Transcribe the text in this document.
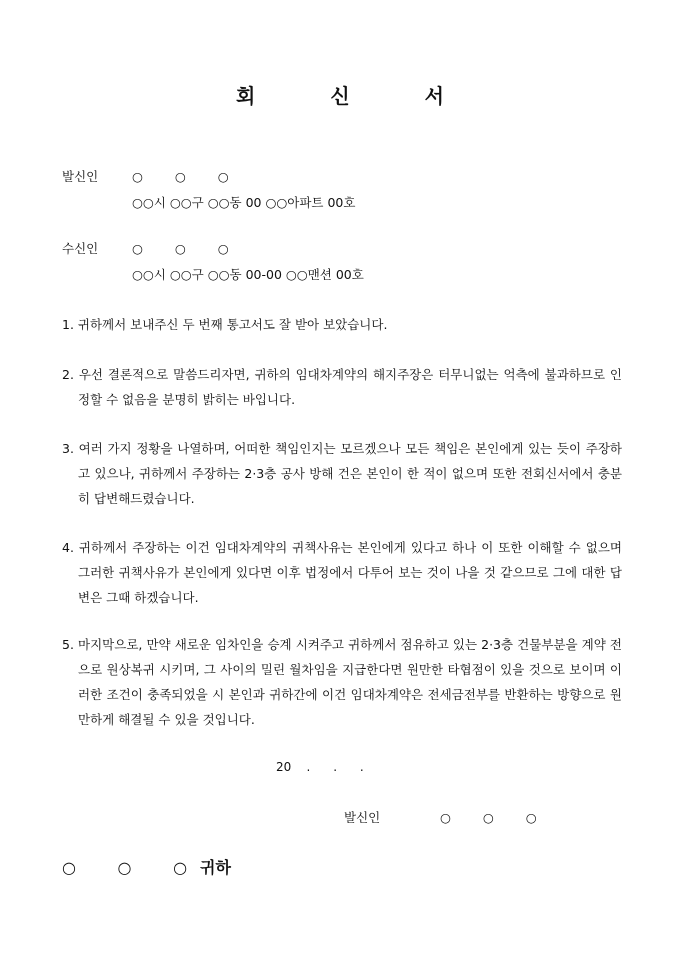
회 신 서
발신인	○ ○ ○
○○시 ○○구 ○○동 00 ○○아파트 00호
수신인	○ ○ ○
○○시 ○○구 ○○동 00-00 ○○맨션 00호

1. 귀하께서 보내주신 두 번째 통고서도 잘 받아 보았습니다.

2. 우선 결론적으로 말씀드리자면, 귀하의 임대차계약의 해지주장은 터무니없는 억측에 불과하므로 인정할 수 없음을 분명히 밝히는 바입니다.

3. 여러 가지 정황을 나열하며, 어떠한 책임인지는 모르겠으나 모든 책임은 본인에게 있는 듯이 주장하고 있으나, 귀하께서 주장하는 2·3층 공사 방해 건은 본인이 한 적이 없으며 또한 전회신서에서 충분히 답변해드렸습니다.

4. 귀하께서 주장하는 이건 임대차계약의 귀책사유는 본인에게 있다고 하나 이 또한 이해할 수 없으며 그러한 귀책사유가 본인에게 있다면 이후 법정에서 다투어 보는 것이 나을 것 같으므로 그에 대한 답변은 그때 하겠습니다.

5. 마지막으로, 만약 새로운 임차인을 승계 시켜주고 귀하께서 점유하고 있는 2·3층 건물부분을 계약 전으로 원상복귀 시키며, 그 사이의 밀린 월차임을 지급한다면 원만한 타협점이 있을 것으로 보이며 이러한 조건이 충족되었을 시 본인과 귀하간에 이건 임대차계약은 전세금전부를 반환하는 방향으로 원만하게 해결될 수 있을 것입니다.

20    .      .      .
발신인	○ ○ ○
○ ○ ○귀하
